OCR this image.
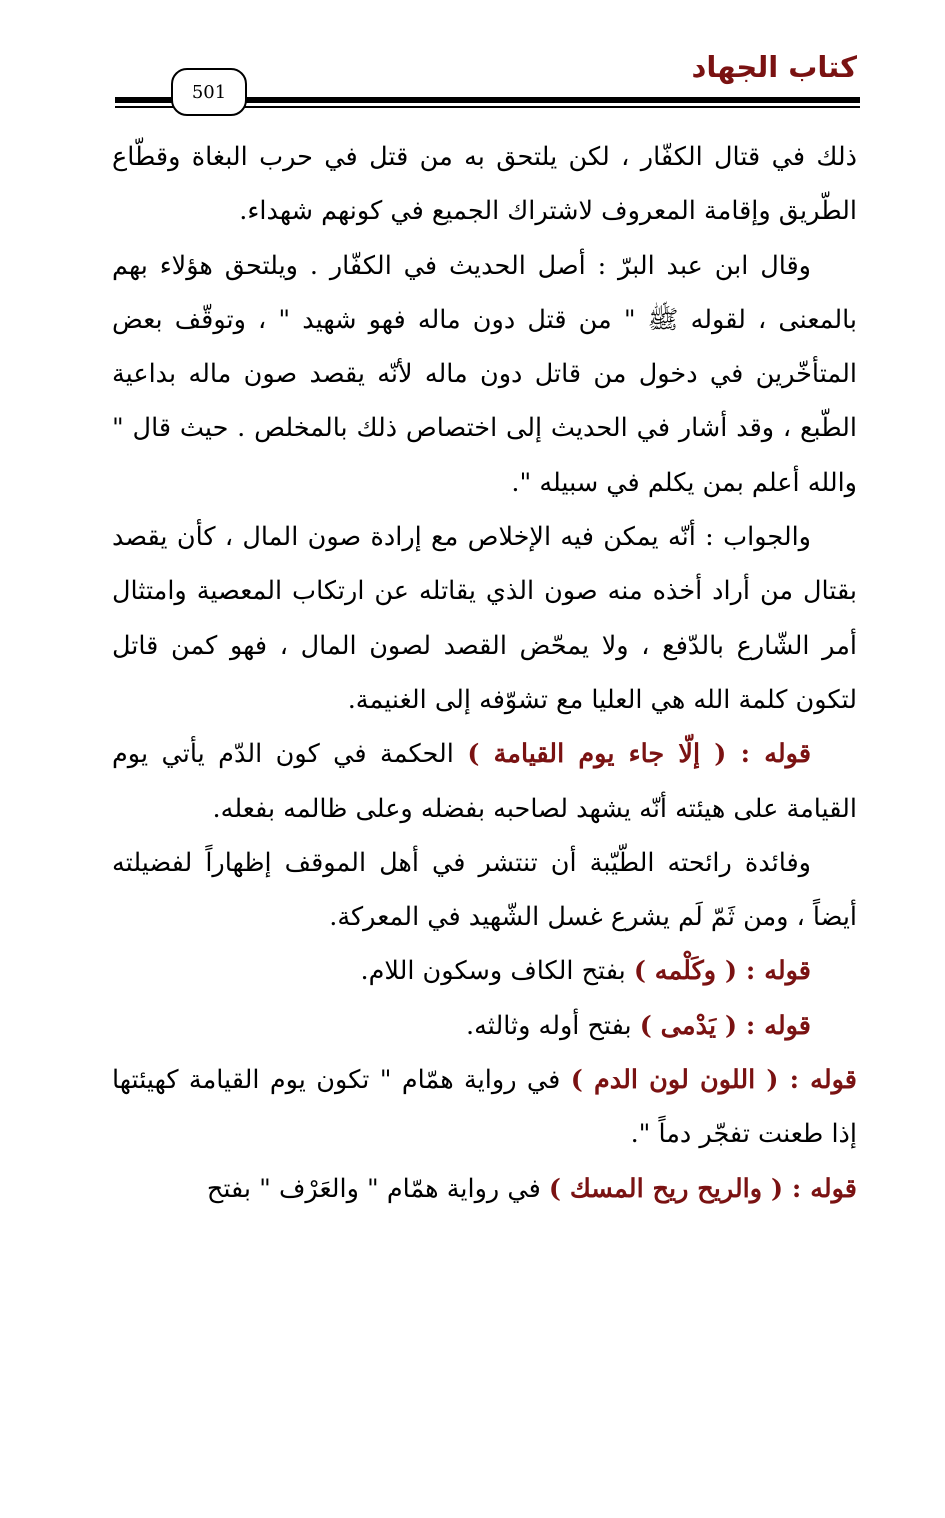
كتاب الجهاد
501

ذلك في قتال الكفّار ، لكن يلتحق به من قتل في حرب البغاة وقطّاع الطّريق وإقامة المعروف لاشتراك الجميع في كونهم شهداء.

وقال ابن عبد البرّ : أصل الحديث في الكفّار . ويلتحق هؤلاء بهم بالمعنى ، لقوله ﷺ " من قتل دون ماله فهو شهيد " ، وتوقّف بعض المتأخّرين في دخول من قاتل دون ماله لأنّه يقصد صون ماله بداعية الطّبع ، وقد أشار في الحديث إلى اختصاص ذلك بالمخلص . حيث قال " والله أعلم بمن يكلم في سبيله ".

والجواب : أنّه يمكن فيه الإخلاص مع إرادة صون المال ، كأن يقصد بقتال من أراد أخذه منه صون الذي يقاتله عن ارتكاب المعصية وامتثال أمر الشّارع بالدّفع ، ولا يمحّض القصد لصون المال ، فهو كمن قاتل لتكون كلمة الله هي العليا مع تشوّفه إلى الغنيمة.

قوله : ( إلّا جاء يوم القيامة ) الحكمة في كون الدّم يأتي يوم القيامة على هيئته أنّه يشهد لصاحبه بفضله وعلى ظالمه بفعله.

وفائدة رائحته الطّيّبة أن تنتشر في أهل الموقف إظهاراً لفضيلته أيضاً ، ومن ثَمّ لَم يشرع غسل الشّهيد في المعركة.

قوله : ( وكَلْمه ) بفتح الكاف وسكون اللام.

قوله : ( يَدْمى ) بفتح أوله وثالثه.

قوله : ( اللون لون الدم ) في رواية همّام " تكون يوم القيامة كهيئتها إذا طعنت تفجّر دماً ".

قوله : ( والريح ريح المسك ) في رواية همّام " والعَرْف " بفتح
